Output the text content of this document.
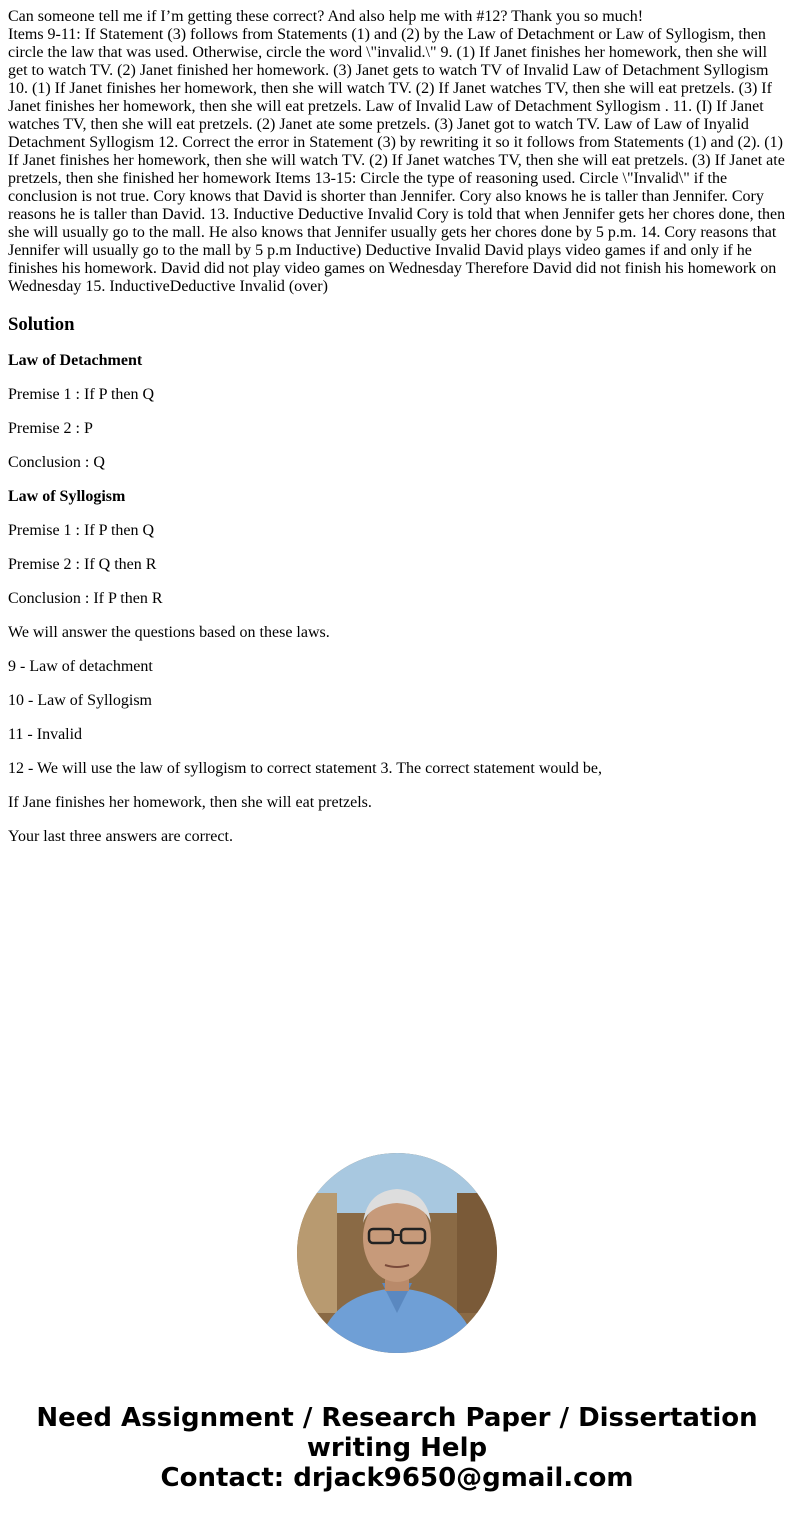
Can someone tell me if I’m getting these correct? And also help me with #12? Thank you so much!

Items 9-11: If Statement (3) follows from Statements (1) and (2) by the Law of Detachment or Law of Syllogism, then circle the law that was used. Otherwise, circle the word \"invalid.\" 9. (1) If Janet finishes her homework, then she will get to watch TV. (2) Janet finished her homework. (3) Janet gets to watch TV of Invalid Law of Detachment Syllogism 10. (1) If Janet finishes her homework, then she will watch TV. (2) If Janet watches TV, then she will eat pretzels. (3) If Janet finishes her homework, then she will eat pretzels. Law of Invalid Law of Detachment Syllogism . 11. (I) If Janet watches TV, then she will eat pretzels. (2) Janet ate some pretzels. (3) Janet got to watch TV. Law of Law of Inyalid Detachment Syllogism 12. Correct the error in Statement (3) by rewriting it so it follows from Statements (1) and (2). (1) If Janet finishes her homework, then she will watch TV. (2) If Janet watches TV, then she will eat pretzels. (3) If Janet ate pretzels, then she finished her homework Items 13-15: Circle the type of reasoning used. Circle \"Invalid\" if the conclusion is not true. Cory knows that David is shorter than Jennifer. Cory also knows he is taller than Jennifer. Cory reasons he is taller than David. 13. Inductive Deductive Invalid Cory is told that when Jennifer gets her chores done, then she will usually go to the mall. He also knows that Jennifer usually gets her chores done by 5 p.m. 14. Cory reasons that Jennifer will usually go to the mall by 5 p.m Inductive) Deductive Invalid David plays video games if and only if he finishes his homework. David did not play video games on Wednesday Therefore David did not finish his homework on Wednesday 15. InductiveDeductive Invalid (over)

Solution

Law of Detachment

Premise 1 : If P then Q

Premise 2 : P

Conclusion : Q

Law of Syllogism

Premise 1 : If P then Q

Premise 2 : If Q then R

Conclusion : If P then R

We will answer the questions based on these laws.

9 - Law of detachment

10 - Law of Syllogism

11 - Invalid

12 - We will use the law of syllogism to correct statement 3. The correct statement would be,

If Jane finishes her homework, then she will eat pretzels.

Your last three answers are correct.

Need Assignment / Research Paper / Dissertation
writing Help
Contact: drjack9650@gmail.com
